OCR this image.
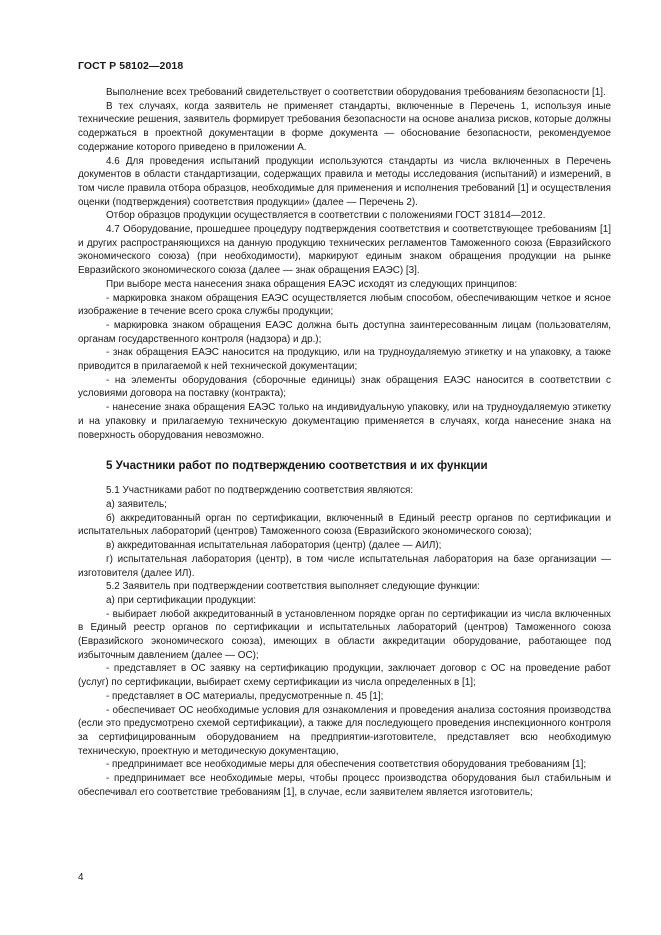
ГОСТ Р 58102—2018

Выполнение всех требований свидетельствует о соответствии оборудования требованиям безопасности [1].

В тех случаях, когда заявитель не применяет стандарты, включенные в Перечень 1, используя иные технические решения, заявитель формирует требования безопасности на основе анализа рисков, которые должны содержаться в проектной документации в форме документа — обоснование безопасности, рекомендуемое содержание которого приведено в приложении А.

4.6 Для проведения испытаний продукции используются стандарты из числа включенных в Перечень документов в области стандартизации, содержащих правила и методы исследования (испытаний) и измерений, в том числе правила отбора образцов, необходимые для применения и исполнения требований [1] и осуществления оценки (подтверждения) соответствия продукции» (далее — Перечень 2).

Отбор образцов продукции осуществляется в соответствии с положениями ГОСТ 31814—2012.

4.7 Оборудование, прошедшее процедуру подтверждения соответствия и соответствующее требованиям [1] и других распространяющихся на данную продукцию технических регламентов Таможенного союза (Евразийского экономического союза) (при необходимости), маркируют единым знаком обращения продукции на рынке Евразийского экономического союза (далее — знак обращения ЕАЭС) [3].

При выборе места нанесения знака обращения ЕАЭС исходят из следующих принципов:

- маркировка знаком обращения ЕАЭС осуществляется любым способом, обеспечивающим четкое и ясное изображение в течение всего срока службы продукции;

- маркировка знаком обращения ЕАЭС должна быть доступна заинтересованным лицам (пользователям, органам государственного контроля (надзора) и др.);

- знак обращения ЕАЭС наносится на продукцию, или на трудноудаляемую этикетку и на упаковку, а также приводится в прилагаемой к ней технической документации;

- на элементы оборудования (сборочные единицы) знак обращения ЕАЭС наносится в соответствии с условиями договора на поставку (контракта);

- нанесение знака обращения ЕАЭС только на индивидуальную упаковку, или на трудноудаляемую этикетку и на упаковку и прилагаемую техническую документацию применяется в случаях, когда нанесение знака на поверхность оборудования невозможно.

5 Участники работ по подтверждению соответствия и их функции

5.1 Участниками работ по подтверждению соответствия являются:

а) заявитель;

б) аккредитованный орган по сертификации, включенный в Единый реестр органов по сертификации и испытательных лабораторий (центров) Таможенного союза (Евразийского экономического союза);

в) аккредитованная испытательная лаборатория (центр) (далее — АИЛ);

г) испытательная лаборатория (центр), в том числе испытательная лаборатория на базе организации — изготовителя (далее ИЛ).

5.2 Заявитель при подтверждении соответствия выполняет следующие функции:

а) при сертификации продукции:

- выбирает любой аккредитованный в установленном порядке орган по сертификации из числа включенных в Единый реестр органов по сертификации и испытательных лабораторий (центров) Таможенного союза (Евразийского экономического союза), имеющих в области аккредитации оборудование, работающее под избыточным давлением (далее — ОС);

- представляет в ОС заявку на сертификацию продукции, заключает договор с ОС на проведение работ (услуг) по сертификации, выбирает схему сертификации из числа определенных в [1];

- представляет в ОС материалы, предусмотренные п. 45 [1];

- обеспечивает ОС необходимые условия для ознакомления и проведения анализа состояния производства (если это предусмотрено схемой сертификации), а также для последующего проведения инспекционного контроля за сертифицированным оборудованием на предприятии-изготовителе, представляет всю необходимую техническую, проектную и методическую документацию,

- предпринимает все необходимые меры для обеспечения соответствия оборудования требованиям [1];

- предпринимает все необходимые меры, чтобы процесс производства оборудования был стабильным и обеспечивал его соответствие требованиям [1], в случае, если заявителем является изготовитель;

4
